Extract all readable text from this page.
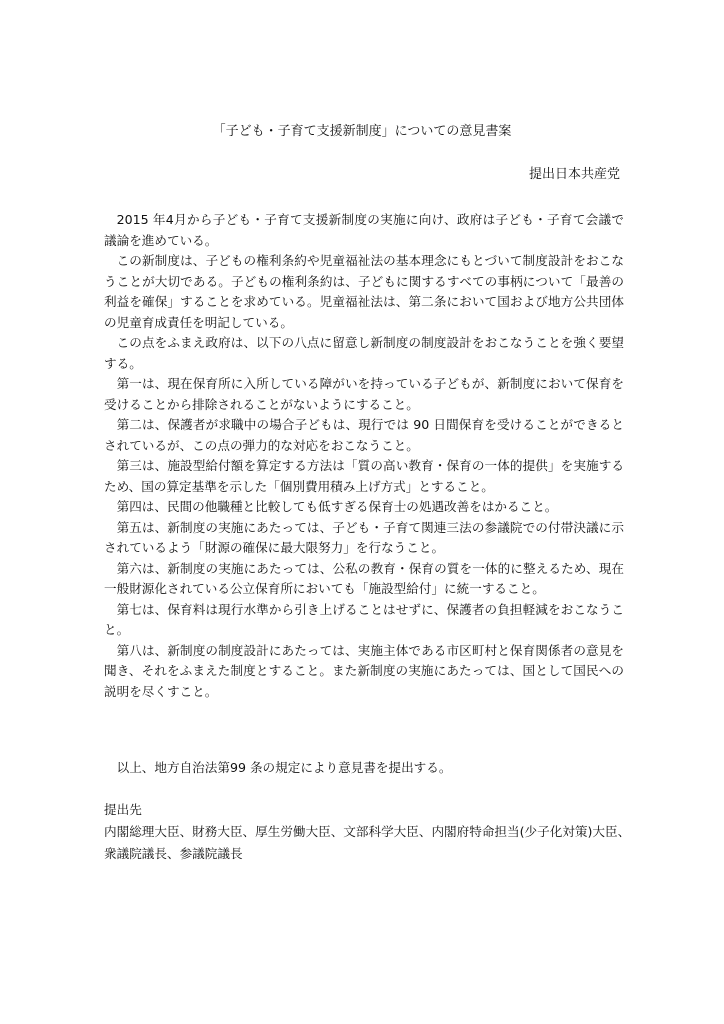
「子ども・子育て支援新制度」についての意見書案
提出日本共産党

2015 年4月から子ども・子育て支援新制度の実施に向け、政府は子ども・子育て会議で議論を進めている。

この新制度は、子どもの権利条約や児童福祉法の基本理念にもとづいて制度設計をおこなうことが大切である。子どもの権利条約は、子どもに関するすべての事柄について「最善の利益を確保」することを求めている。児童福祉法は、第二条において国および地方公共団体の児童育成責任を明記している。

この点をふまえ政府は、以下の八点に留意し新制度の制度設計をおこなうことを強く要望する。

第一は、現在保育所に入所している障がいを持っている子どもが、新制度において保育を受けることから排除されることがないようにすること。

第二は、保護者が求職中の場合子どもは、現行では 90 日間保育を受けることができるとされているが、この点の弾力的な対応をおこなうこと。

第三は、施設型給付額を算定する方法は「質の高い教育・保育の一体的提供」を実施するため、国の算定基準を示した「個別費用積み上げ方式」とすること。

第四は、民間の他職種と比較しても低すぎる保育士の処遇改善をはかること。

第五は、新制度の実施にあたっては、子ども・子育て関連三法の参議院での付帯決議に示されているよう「財源の確保に最大限努力」を行なうこと。

第六は、新制度の実施にあたっては、公私の教育・保育の質を一体的に整えるため、現在一般財源化されている公立保育所においても「施設型給付」に統一すること。

第七は、保育料は現行水準から引き上げることはせずに、保護者の負担軽減をおこなうこと。

第八は、新制度の制度設計にあたっては、実施主体である市区町村と保育関係者の意見を聞き、それをふまえた制度とすること。また新制度の実施にあたっては、国として国民への説明を尽くすこと。

以上、地方自治法第99 条の規定により意見書を提出する。
提出先
内閣総理大臣、財務大臣、厚生労働大臣、文部科学大臣、内閣府特命担当(少子化対策)大臣、
衆議院議長、参議院議長
